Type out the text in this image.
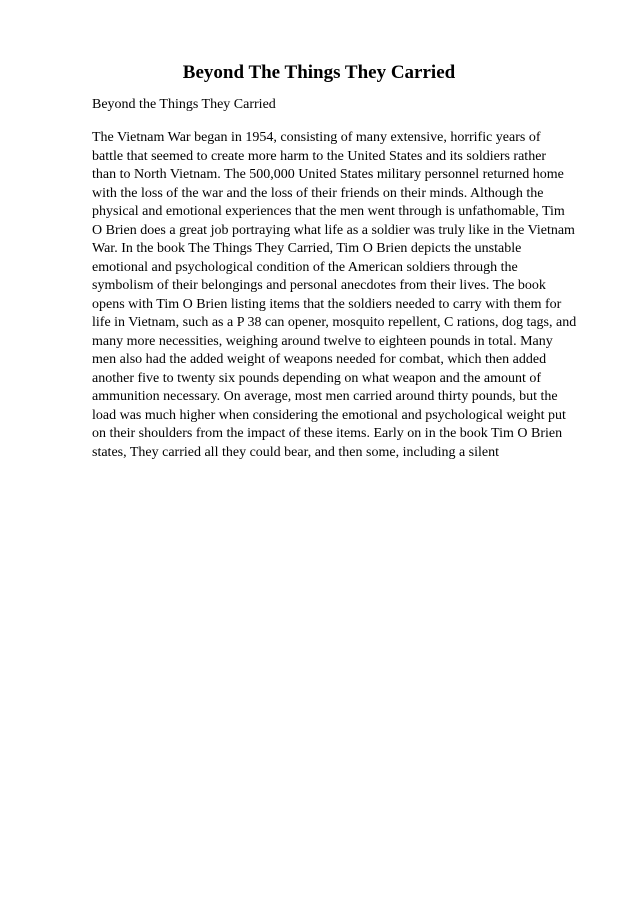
Beyond The Things They Carried

Beyond the Things They Carried

The Vietnam War began in 1954, consisting of many extensive, horrific years of
battle that seemed to create more harm to the United States and its soldiers rather
than to North Vietnam. The 500,000 United States military personnel returned home
with the loss of the war and the loss of their friends on their minds. Although the
physical and emotional experiences that the men went through is unfathomable, Tim
O Brien does a great job portraying what life as a soldier was truly like in the Vietnam
War. In the book The Things They Carried, Tim O Brien depicts the unstable
emotional and psychological condition of the American soldiers through the
symbolism of their belongings and personal anecdotes from their lives. The book
opens with Tim O Brien listing items that the soldiers needed to carry with them for
life in Vietnam, such as a P 38 can opener, mosquito repellent, C rations, dog tags, and
many more necessities, weighing around twelve to eighteen pounds in total. Many
men also had the added weight of weapons needed for combat, which then added
another five to twenty six pounds depending on what weapon and the amount of
ammunition necessary. On average, most men carried around thirty pounds, but the
load was much higher when considering the emotional and psychological weight put
on their shoulders from the impact of these items. Early on in the book Tim O Brien
states, They carried all they could bear, and then some, including a silent
